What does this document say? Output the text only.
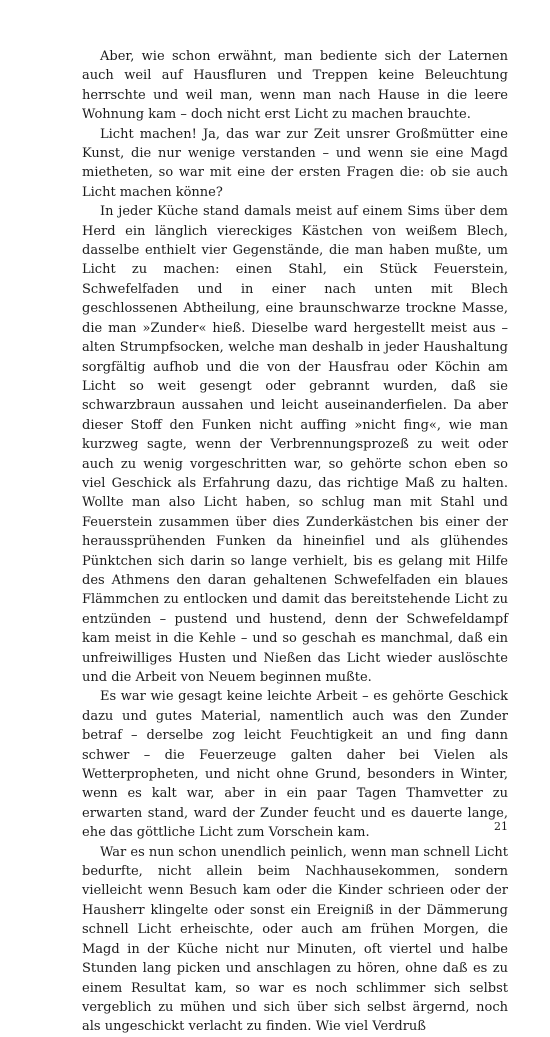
Aber, wie schon erwähnt, man bediente sich der Laternen auch weil auf Hausfluren und Treppen keine Beleuchtung herrschte und weil man, wenn man nach Hause in die leere Wohnung kam – doch nicht erst Licht zu machen brauchte.

Licht machen! Ja, das war zur Zeit unsrer Großmütter eine Kunst, die nur wenige verstanden – und wenn sie eine Magd mietheten, so war mit eine der ersten Fragen die: ob sie auch Licht machen könne?

In jeder Küche stand damals meist auf einem Sims über dem Herd ein länglich viereckiges Kästchen von weißem Blech, dasselbe enthielt vier Gegenstände, die man haben mußte, um Licht zu machen: einen Stahl, ein Stück Feuerstein, Schwefelfaden und in einer nach unten mit Blech geschlossenen Abtheilung, eine braunschwarze trockne Masse, die man »Zunder« hieß. Dieselbe ward hergestellt meist aus – alten Strumpfsocken, welche man deshalb in jeder Haushaltung sorgfältig aufhob und die von der Hausfrau oder Köchin am Licht so weit gesengt oder gebrannt wurden, daß sie schwarzbraun aussahen und leicht auseinanderfielen. Da aber dieser Stoff den Funken nicht auffing »nicht fing«, wie man kurzweg sagte, wenn der Verbrennungsprozeß zu weit oder auch zu wenig vorgeschritten war, so gehörte schon eben so viel Geschick als Erfahrung dazu, das richtige Maß zu halten. Wollte man also Licht haben, so schlug man mit Stahl und Feuerstein zusammen über dies Zunderkästchen bis einer der heraussprühenden Funken da hineinfiel und als glühendes Pünktchen sich darin so lange verhielt, bis es gelang mit Hilfe des Athmens den daran gehaltenen Schwefelfaden ein blaues Flämmchen zu entlocken und damit das bereitstehende Licht zu entzünden – pustend und hustend, denn der Schwefeldampf kam meist in die Kehle – und so geschah es manchmal, daß ein unfreiwilliges Husten und Nießen das Licht wieder auslöschte und die Arbeit von Neuem beginnen mußte.

Es war wie gesagt keine leichte Arbeit – es gehörte Geschick dazu und gutes Material, namentlich auch was den Zunder betraf – derselbe zog leicht Feuchtigkeit an und fing dann schwer – die Feuerzeuge galten daher bei Vielen als Wetterpropheten, und nicht ohne Grund, besonders in Winter, wenn es kalt war, aber in ein paar Tagen Thamvetter zu erwarten stand, ward der Zunder feucht und es dauerte lange, ehe das göttliche Licht zum Vorschein kam.

War es nun schon unendlich peinlich, wenn man schnell Licht bedurfte, nicht allein beim Nachhausekommen, sondern vielleicht wenn Besuch kam oder die Kinder schrieen oder der Hausherr klingelte oder sonst ein Ereigniß in der Dämmerung schnell Licht erheischte, oder auch am frühen Morgen, die Magd in der Küche nicht nur Minuten, oft viertel und halbe Stunden lang picken und anschlagen zu hören, ohne daß es zu einem Resultat kam, so war es noch schlimmer sich selbst vergeblich zu mühen und sich über sich selbst ärgernd, noch als ungeschickt verlacht zu finden. Wie viel Verdruß

21
